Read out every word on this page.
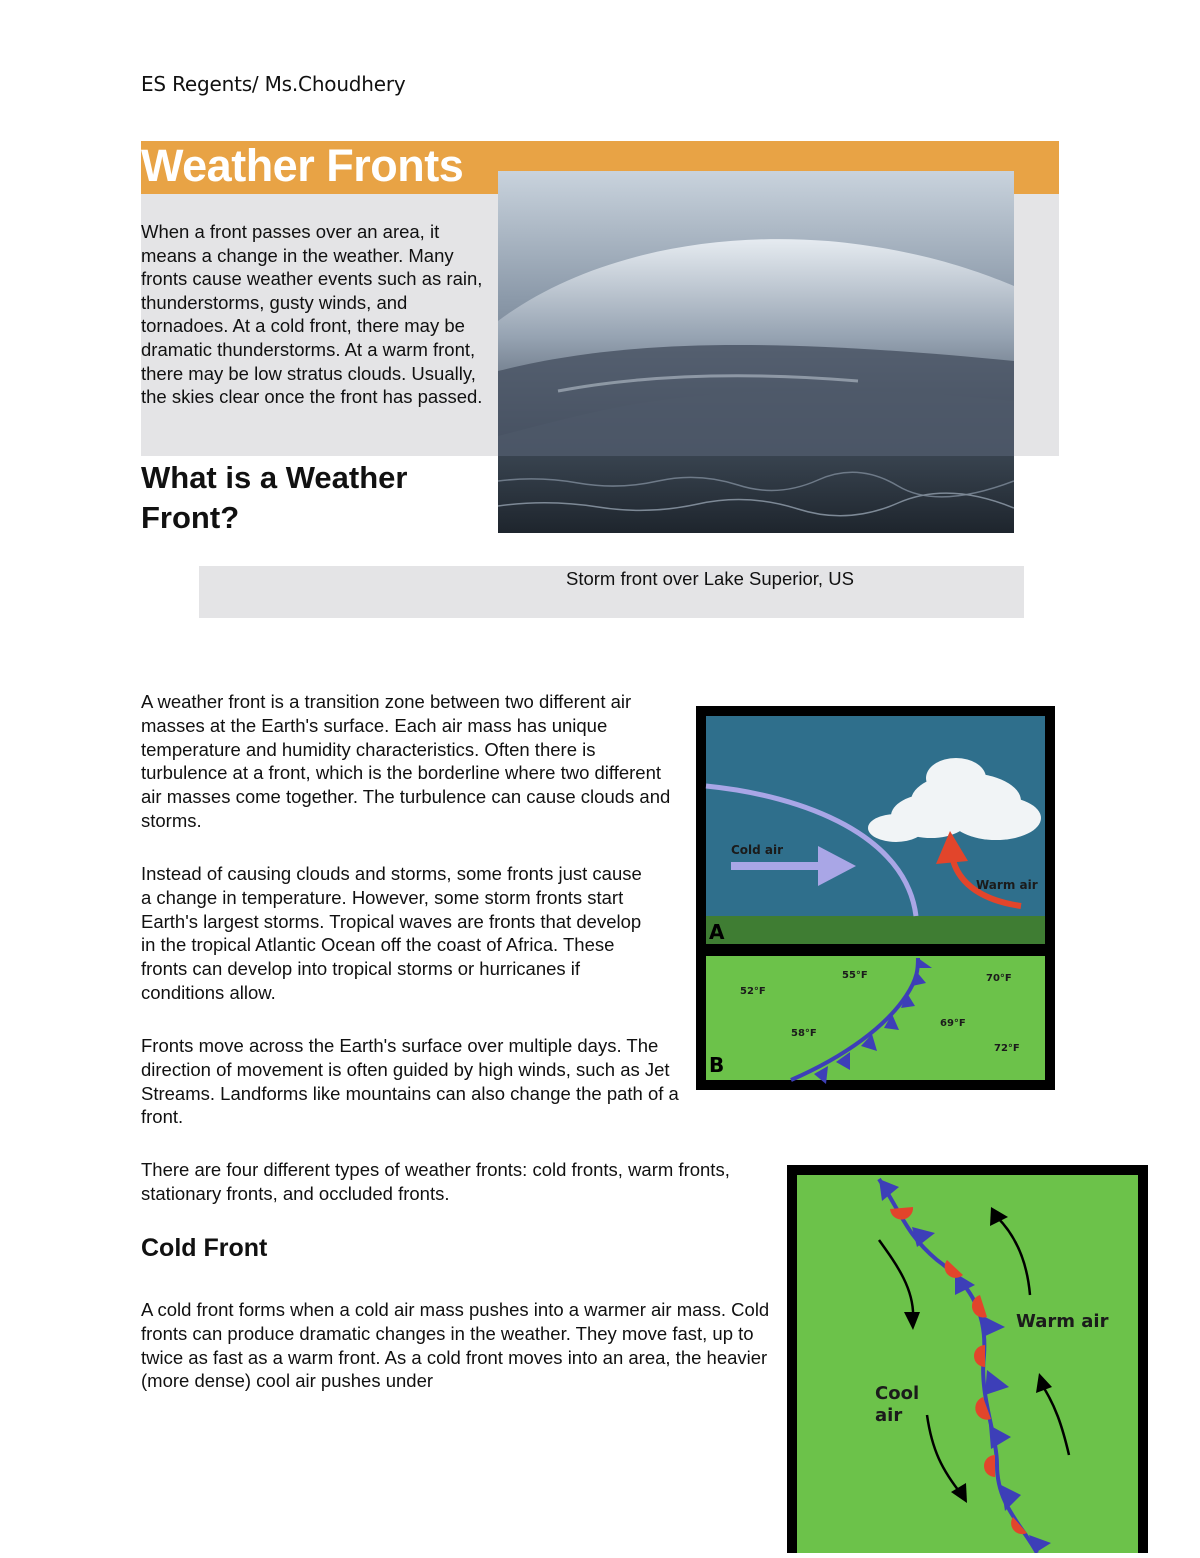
ES Regents/ Ms.Choudhery
Weather Fronts
When a front passes over an area, it means a change in the weather. Many fronts cause weather events such as rain, thunderstorms, gusty winds, and tornadoes. At a cold front, there may be dramatic thunderstorms. At a warm front, there may be low stratus clouds. Usually, the skies clear once the front has passed.
What is a Weather Front?
Storm front over Lake Superior, US
A weather front is a transition zone between two different air masses at the Earth's surface. Each air mass has unique temperature and humidity characteristics. Often there is turbulence at a front, which is the borderline where two different air masses come together. The turbulence can cause clouds and storms.
Instead of causing clouds and storms, some fronts just cause a change in temperature. However, some storm fronts start Earth's largest storms. Tropical waves are fronts that develop in the tropical Atlantic Ocean off the coast of Africa. These fronts can develop into tropical storms or hurricanes if conditions allow.
Fronts move across the Earth's surface over multiple days. The direction of movement is often guided by high winds, such as Jet Streams. Landforms like mountains can also change the path of a front.
There are four different types of weather fronts: cold fronts, warm fronts, stationary fronts, and occluded fronts.
Cold Front
A cold front forms when a cold air mass pushes into a warmer air mass. Cold fronts can produce dramatic changes in the weather. They move fast, up to twice as fast as a warm front. As a cold front moves into an area, the heavier (more dense) cool air pushes under
Cold air
Warm air
A
52°F
55°F
58°F
69°F
70°F
72°F
B
Warm air
Cool
air
